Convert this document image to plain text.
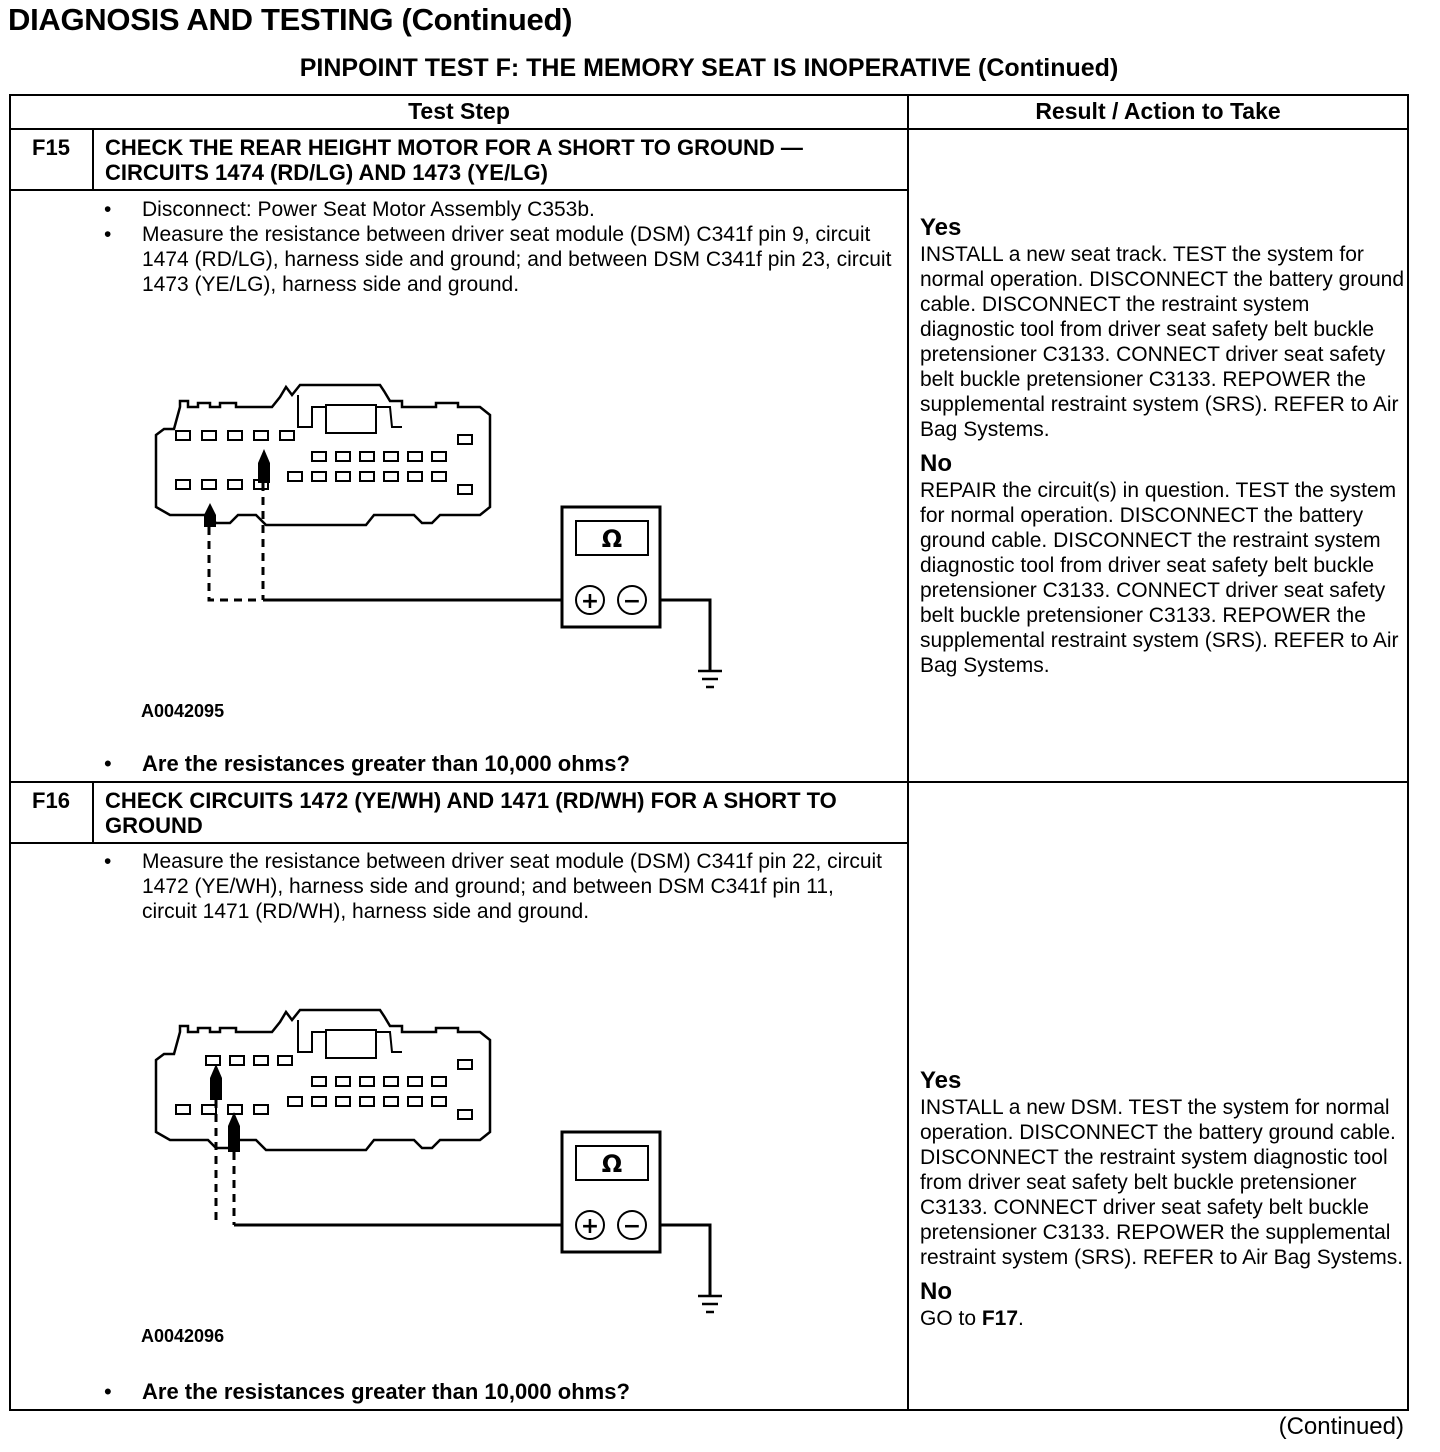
DIAGNOSIS AND TESTING (Continued)
PINPOINT TEST F: THE MEMORY SEAT IS INOPERATIVE (Continued)
Test Step	Result / Action to Take
F15	CHECK THE REAR HEIGHT MOTOR FOR A SHORT TO GROUND — CIRCUITS 1474 (RD/LG) AND 1473 (YE/LG)
• Disconnect: Power Seat Motor Assembly C353b.
• Measure the resistance between driver seat module (DSM) C341f pin 9, circuit 1474 (RD/LG), harness side and ground; and between DSM C341f pin 23, circuit 1473 (YE/LG), harness side and ground.
Ω
+ −
A0042095
• Are the resistances greater than 10,000 ohms?
Yes

INSTALL a new seat track. TEST the system for normal operation. DISCONNECT the battery ground cable. DISCONNECT the restraint system diagnostic tool from driver seat safety belt buckle pretensioner C3133. CONNECT driver seat safety belt buckle pretensioner C3133. REPOWER the supplemental restraint system (SRS). REFER to Air Bag Systems.

No

REPAIR the circuit(s) in question. TEST the system for normal operation. DISCONNECT the battery ground cable. DISCONNECT the restraint system diagnostic tool from driver seat safety belt buckle pretensioner C3133. CONNECT driver seat safety belt buckle pretensioner C3133. REPOWER the supplemental restraint system (SRS). REFER to Air Bag Systems.

F16	CHECK CIRCUITS 1472 (YE/WH) AND 1471 (RD/WH) FOR A SHORT TO GROUND
• Measure the resistance between driver seat module (DSM) C341f pin 22, circuit 1472 (YE/WH), harness side and ground; and between DSM C341f pin 11, circuit 1471 (RD/WH), harness side and ground.
Ω
+ −
A0042096
• Are the resistances greater than 10,000 ohms?
Yes

INSTALL a new DSM. TEST the system for normal operation. DISCONNECT the battery ground cable. DISCONNECT the restraint system diagnostic tool from driver seat safety belt buckle pretensioner C3133. CONNECT driver seat safety belt buckle pretensioner C3133. REPOWER the supplemental restraint system (SRS). REFER to Air Bag Systems.

No

GO to F17.

(Continued)
